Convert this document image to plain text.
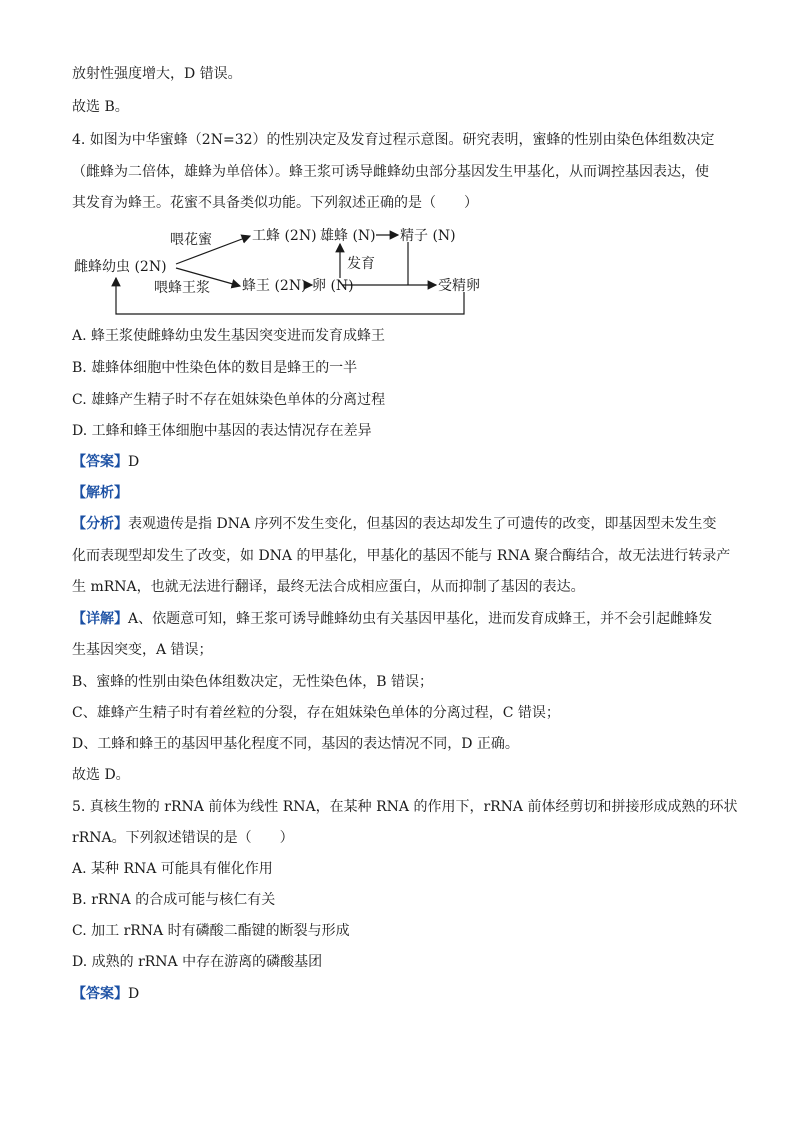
放射性强度增大，D 错误。
故选 B。
4. 如图为中华蜜蜂（2N=32）的性别决定及发育过程示意图。研究表明，蜜蜂的性别由染色体组数决定
（雌蜂为二倍体，雄蜂为单倍体）。蜂王浆可诱导雌蜂幼虫部分基因发生甲基化，从而调控基因表达，使
其发育为蜂王。花蜜不具备类似功能。下列叙述正确的是（　　）
雌蜂幼虫 (2N)
喂花蜜
喂蜂王浆
工蜂 (2N) 雄蜂 (N) 精子 (N)
蜂王 (2N) 卵 (N)
发育
受精卵
A. 蜂王浆使雌蜂幼虫发生基因突变进而发育成蜂王
B. 雄蜂体细胞中性染色体的数目是蜂王的一半
C. 雄蜂产生精子时不存在姐妹染色单体的分离过程
D. 工蜂和蜂王体细胞中基因的表达情况存在差异
【答案】D
【解析】
【分析】表观遗传是指 DNA 序列不发生变化，但基因的表达却发生了可遗传的改变，即基因型未发生变
化而表现型却发生了改变，如 DNA 的甲基化，甲基化的基因不能与 RNA 聚合酶结合，故无法进行转录产
生 mRNA，也就无法进行翻译，最终无法合成相应蛋白，从而抑制了基因的表达。
【详解】A、依题意可知，蜂王浆可诱导雌蜂幼虫有关基因甲基化，进而发育成蜂王，并不会引起雌蜂发
生基因突变，A 错误；
B、蜜蜂的性别由染色体组数决定，无性染色体，B 错误；
C、雄蜂产生精子时有着丝粒的分裂，存在姐妹染色单体的分离过程，C 错误；
D、工蜂和蜂王的基因甲基化程度不同，基因的表达情况不同，D 正确。
故选 D。
5. 真核生物的 rRNA 前体为线性 RNA，在某种 RNA 的作用下，rRNA 前体经剪切和拼接形成成熟的环状
rRNA。下列叙述错误的是（　　）
A. 某种 RNA 可能具有催化作用
B. rRNA 的合成可能与核仁有关
C. 加工 rRNA 时有磷酸二酯键的断裂与形成
D. 成熟的 rRNA 中存在游离的磷酸基团
【答案】D
